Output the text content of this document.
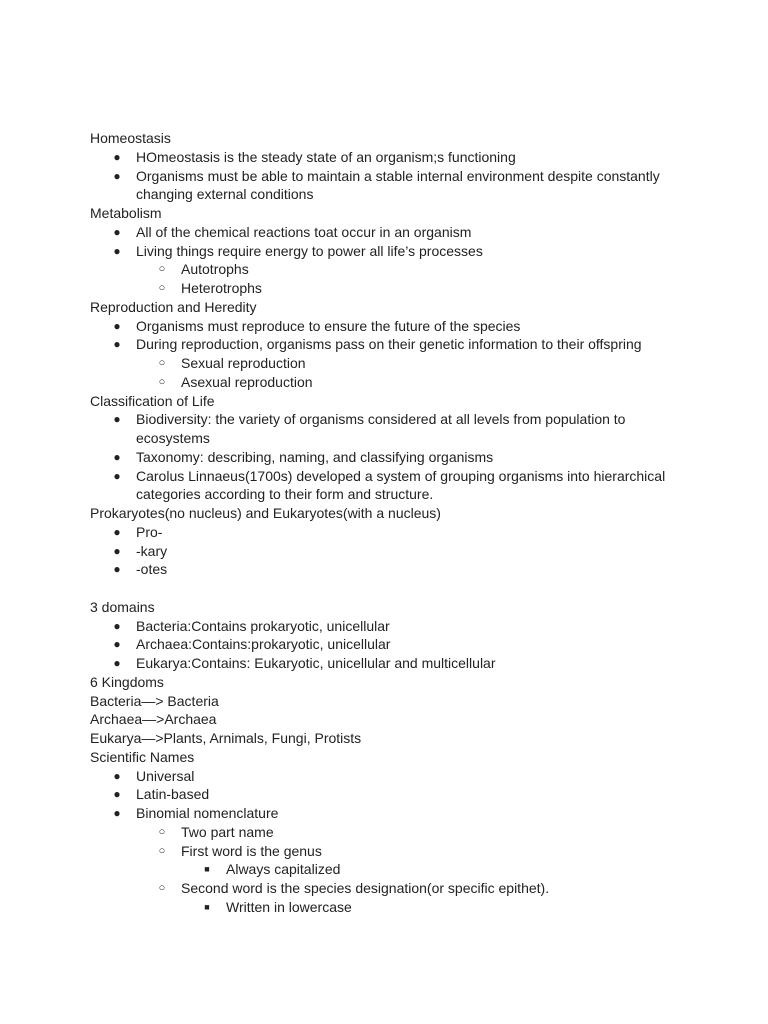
Homeostasis
●	HOmeostasis is the steady state of an organism;s functioning
●	Organisms must be able to maintain a stable internal environment despite constantly
changing external conditions
Metabolism
●	All of the chemical reactions toat occur in an organism
●	Living things require energy to power all life’s processes
○	Autotrophs
○	Heterotrophs
Reproduction and Heredity
●	Organisms must reproduce to ensure the future of the species
●	During reproduction, organisms pass on their genetic information to their offspring
○	Sexual reproduction
○	Asexual reproduction
Classification of Life
●	Biodiversity: the variety of organisms considered at all levels from population to
ecosystems
●	Taxonomy: describing, naming, and classifying organisms
●	Carolus Linnaeus(1700s) developed a system of grouping organisms into hierarchical
categories according to their form and structure.
Prokaryotes(no nucleus) and Eukaryotes(with a nucleus)
●	Pro-
●	-kary
●	-otes
3 domains
●	Bacteria:Contains prokaryotic, unicellular
●	Archaea:Contains:prokaryotic, unicellular
●	Eukarya:Contains: Eukaryotic, unicellular and multicellular
6 Kingdoms
Bacteria—> Bacteria
Archaea—>Archaea
Eukarya—>Plants, Arnimals, Fungi, Protists
Scientific Names
●	Universal
●	Latin-based
●	Binomial nomenclature
○	Two part name
○	First word is the genus
■	Always capitalized
○	Second word is the species designation(or specific epithet).
■	Written in lowercase
